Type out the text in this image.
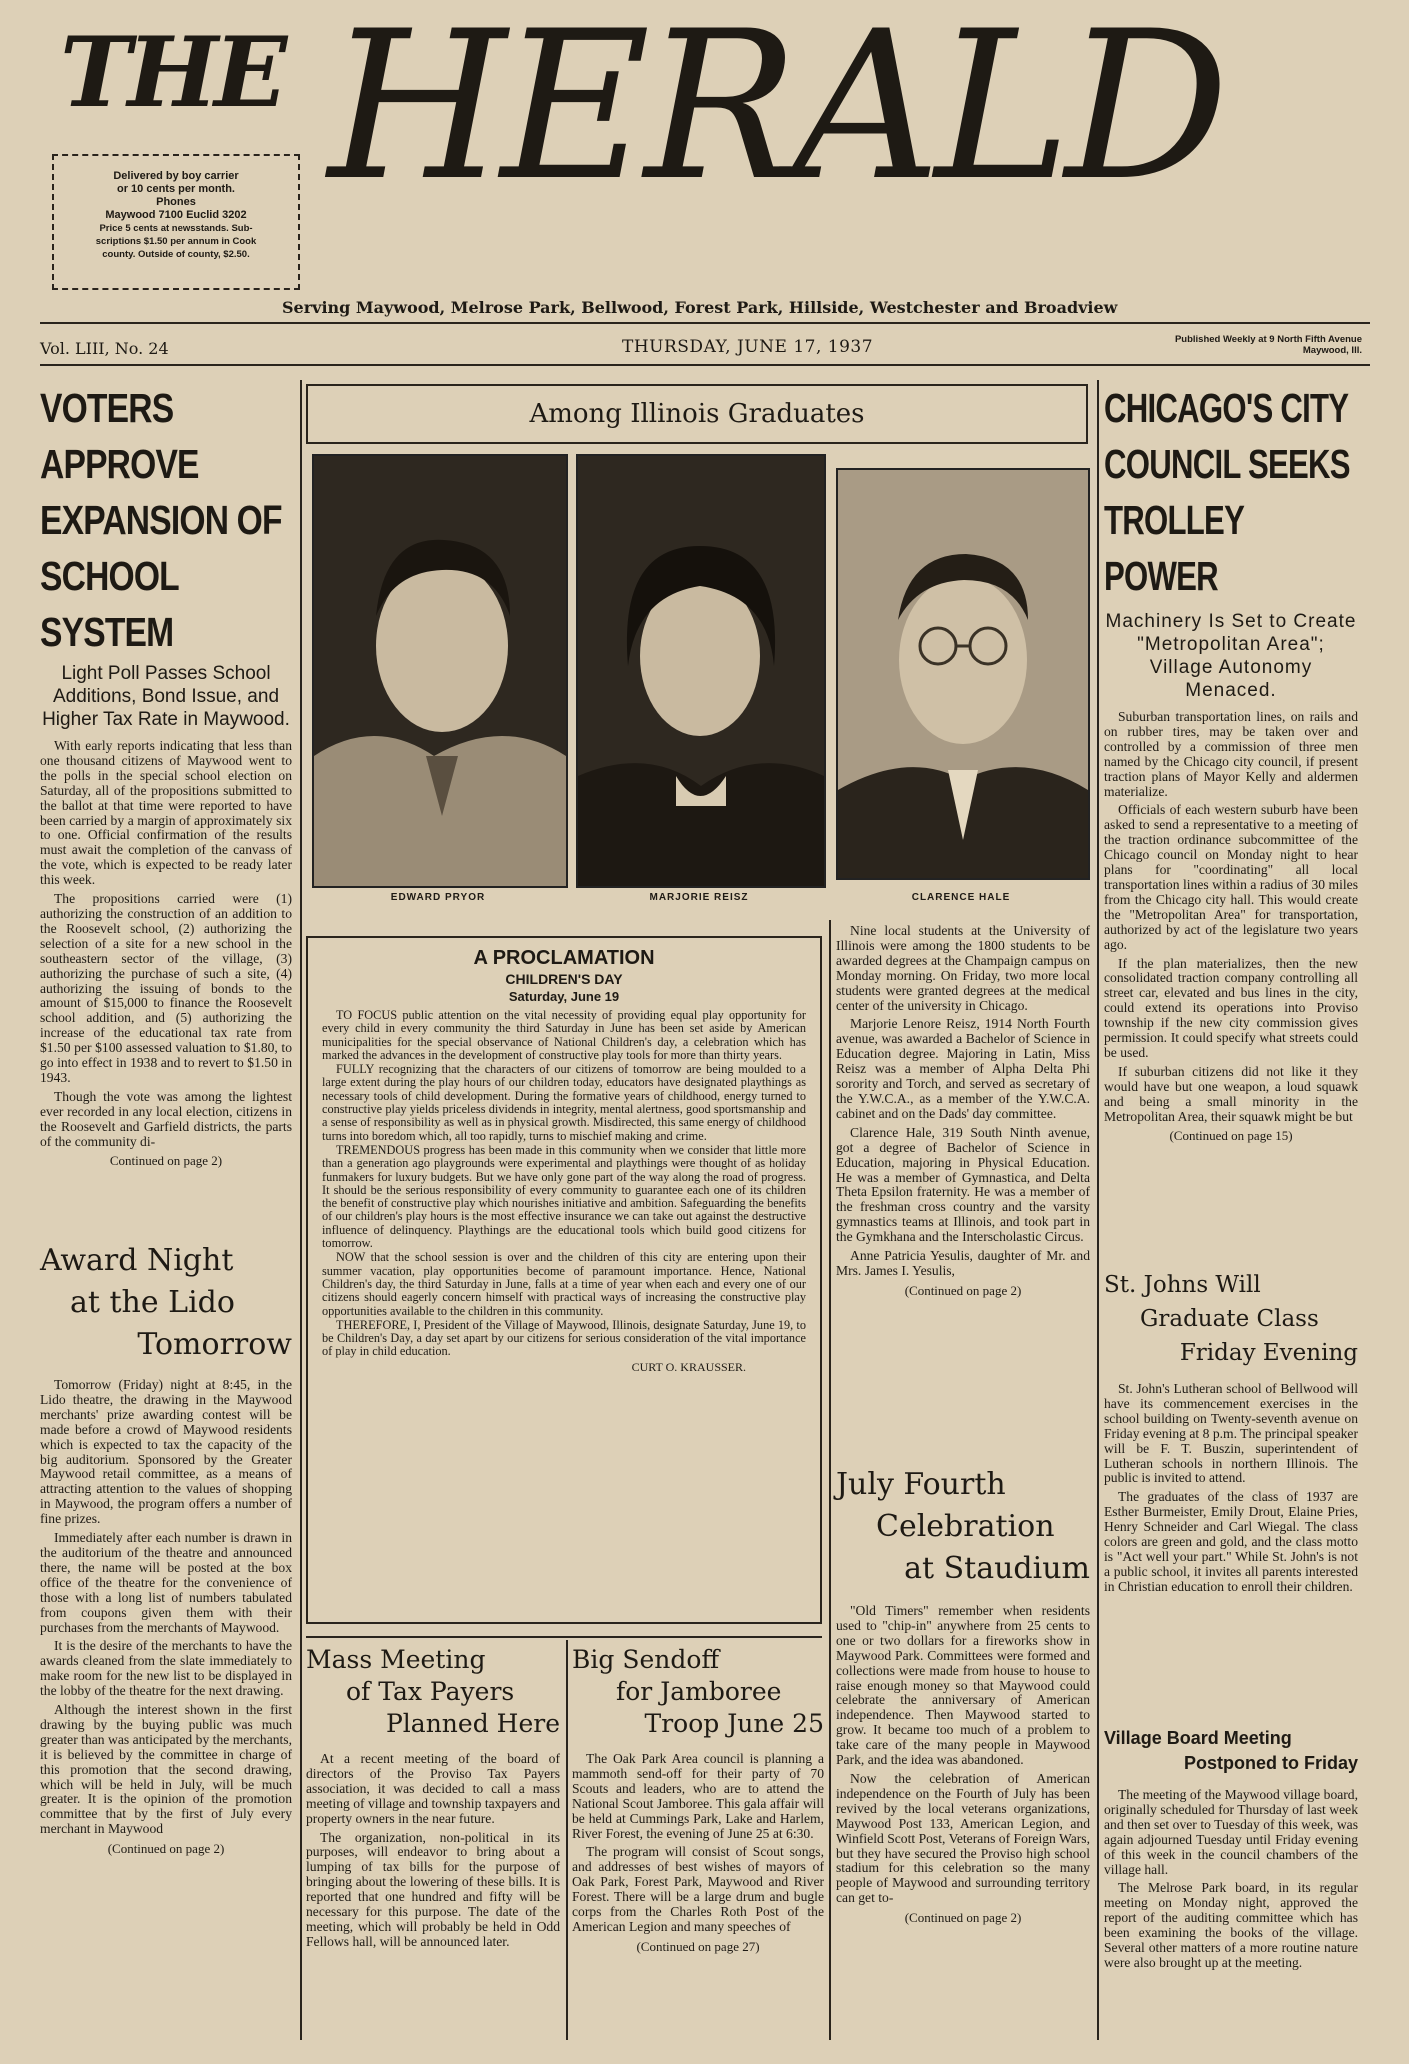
THE HERALD
Delivered by boy carrier
or 10 cents per month.
Phones
Maywood 7100 Euclid 3202
Price 5 cents at newsstands. Sub-
scriptions $1.50 per annum in Cook
county. Outside of county, $2.50.
Serving Maywood, Melrose Park, Bellwood, Forest Park, Hillside, Westchester and Broadview
Vol. LIII, No. 24	THURSDAY, JUNE 17, 1937	Published Weekly at 9 North Fifth Avenue
Maywood, Ill.
VOTERS APPROVE
EXPANSION OF
SCHOOL SYSTEM
Light Poll Passes School Additions, Bond Issue, and Higher Tax Rate in Maywood.

With early reports indicating that less than one thousand citizens of Maywood went to the polls in the special school election on Saturday, all of the propositions submitted to the ballot at that time were reported to have been carried by a margin of approximately six to one. Official confirmation of the results must await the completion of the canvass of the vote, which is expected to be ready later this week.

The propositions carried were (1) authorizing the construction of an addition to the Roosevelt school, (2) authorizing the selection of a site for a new school in the southeastern sector of the village, (3) authorizing the purchase of such a site, (4) authorizing the issuing of bonds to the amount of $15,000 to finance the Roosevelt school addition, and (5) authorizing the increase of the educational tax rate from $1.50 per $100 assessed valuation to $1.80, to go into effect in 1938 and to revert to $1.50 in 1943.

Though the vote was among the lightest ever recorded in any local election, citizens in the Roosevelt and Garfield districts, the parts of the community di-

Continued on page 2)
Award Night
at the Lido
Tomorrow

Tomorrow (Friday) night at 8:45, in the Lido theatre, the drawing in the Maywood merchants' prize awarding contest will be made before a crowd of Maywood residents which is expected to tax the capacity of the big auditorium. Sponsored by the Greater Maywood retail committee, as a means of attracting attention to the values of shopping in Maywood, the program offers a number of fine prizes.

Immediately after each number is drawn in the auditorium of the theatre and announced there, the name will be posted at the box office of the theatre for the convenience of those with a long list of numbers tabulated from coupons given them with their purchases from the merchants of Maywood.

It is the desire of the merchants to have the awards cleaned from the slate immediately to make room for the new list to be displayed in the lobby of the theatre for the next drawing.

Although the interest shown in the first drawing by the buying public was much greater than was anticipated by the merchants, it is believed by the committee in charge of this promotion that the second drawing, which will be held in July, will be much greater. It is the opinion of the promotion committee that by the first of July every merchant in Maywood

(Continued on page 2)
Among Illinois Graduates
EDWARD PRYOR	MARJORIE REISZ	CLARENCE HALE
A PROCLAMATION
CHILDREN'S DAY
Saturday, June 19

TO FOCUS public attention on the vital necessity of providing equal play opportunity for every child in every community the third Saturday in June has been set aside by American municipalities for the special observance of National Children's day, a celebration which has marked the advances in the development of constructive play tools for more than thirty years.

FULLY recognizing that the characters of our citizens of tomorrow are being moulded to a large extent during the play hours of our children today, educators have designated playthings as necessary tools of child development. During the formative years of childhood, energy turned to constructive play yields priceless dividends in integrity, mental alertness, good sportsmanship and a sense of responsibility as well as in physical growth. Misdirected, this same energy of childhood turns into boredom which, all too rapidly, turns to mischief making and crime.

TREMENDOUS progress has been made in this community when we consider that little more than a generation ago playgrounds were experimental and playthings were thought of as holiday funmakers for luxury budgets. But we have only gone part of the way along the road of progress. It should be the serious responsibility of every community to guarantee each one of its children the benefit of constructive play which nourishes initiative and ambition. Safeguarding the benefits of our children's play hours is the most effective insurance we can take out against the destructive influence of delinquency. Playthings are the educational tools which build good citizens for tomorrow.

NOW that the school session is over and the children of this city are entering upon their summer vacation, play opportunities become of paramount importance. Hence, National Children's day, the third Saturday in June, falls at a time of year when each and every one of our citizens should eagerly concern himself with practical ways of increasing the constructive play opportunities available to the children in this community.

THEREFORE, I, President of the Village of Maywood, Illinois, designate Saturday, June 19, to be Children's Day, a day set apart by our citizens for serious consideration of the vital importance of play in child education.

CURT O. KRAUSSER.

Nine local students at the University of Illinois were among the 1800 students to be awarded degrees at the Champaign campus on Monday morning. On Friday, two more local students were granted degrees at the medical center of the university in Chicago.

Marjorie Lenore Reisz, 1914 North Fourth avenue, was awarded a Bachelor of Science in Education degree. Majoring in Latin, Miss Reisz was a member of Alpha Delta Phi sorority and Torch, and served as secretary of the Y.W.C.A., as a member of the Y.W.C.A. cabinet and on the Dads' day committee.

Clarence Hale, 319 South Ninth avenue, got a degree of Bachelor of Science in Education, majoring in Physical Education. He was a member of Gymnastica, and Delta Theta Epsilon fraternity. He was a member of the freshman cross country and the varsity gymnastics teams at Illinois, and took part in the Gymkhana and the Interscholastic Circus.

Anne Patricia Yesulis, daughter of Mr. and Mrs. James I. Yesulis,

(Continued on page 2)
July Fourth
Celebration
at Staudium

"Old Timers" remember when residents used to "chip-in" anywhere from 25 cents to one or two dollars for a fireworks show in Maywood Park. Committees were formed and collections were made from house to house to raise enough money so that Maywood could celebrate the anniversary of American independence. Then Maywood started to grow. It became too much of a problem to take care of the many people in Maywood Park, and the idea was abandoned.

Now the celebration of American independence on the Fourth of July has been revived by the local veterans organizations, Maywood Post 133, American Legion, and Winfield Scott Post, Veterans of Foreign Wars, but they have secured the Proviso high school stadium for this celebration so the many people of Maywood and surrounding territory can get to-

(Continued on page 2)
Mass Meeting
of Tax Payers
Planned Here

At a recent meeting of the board of directors of the Proviso Tax Payers association, it was decided to call a mass meeting of village and township taxpayers and property owners in the near future.

The organization, non-political in its purposes, will endeavor to bring about a lumping of tax bills for the purpose of bringing about the lowering of these bills. It is reported that one hundred and fifty will be necessary for this purpose. The date of the meeting, which will probably be held in Odd Fellows hall, will be announced later.

Big Sendoff
for Jamboree
Troop June 25

The Oak Park Area council is planning a mammoth send-off for their party of 70 Scouts and leaders, who are to attend the National Scout Jamboree. This gala affair will be held at Cummings Park, Lake and Harlem, River Forest, the evening of June 25 at 6:30.

The program will consist of Scout songs, and addresses of best wishes of mayors of Oak Park, Forest Park, Maywood and River Forest. There will be a large drum and bugle corps from the Charles Roth Post of the American Legion and many speeches of

(Continued on page 27)
CHICAGO'S CITY
COUNCIL SEEKS
TROLLEY POWER
Machinery Is Set to Create "Metropolitan Area"; Village Autonomy Menaced.

Suburban transportation lines, on rails and on rubber tires, may be taken over and controlled by a commission of three men named by the Chicago city council, if present traction plans of Mayor Kelly and aldermen materialize.

Officials of each western suburb have been asked to send a representative to a meeting of the traction ordinance subcommittee of the Chicago council on Monday night to hear plans for "coordinating" all local transportation lines within a radius of 30 miles from the Chicago city hall. This would create the "Metropolitan Area" for transportation, authorized by act of the legislature two years ago.

If the plan materializes, then the new consolidated traction company controlling all street car, elevated and bus lines in the city, could extend its operations into Proviso township if the new city commission gives permission. It could specify what streets could be used.

If suburban citizens did not like it they would have but one weapon, a loud squawk and being a small minority in the Metropolitan Area, their squawk might be but

(Continued on page 15)
St. Johns Will
Graduate Class
Friday Evening

St. John's Lutheran school of Bellwood will have its commencement exercises in the school building on Twenty-seventh avenue on Friday evening at 8 p.m. The principal speaker will be F. T. Buszin, superintendent of Lutheran schools in northern Illinois. The public is invited to attend.

The graduates of the class of 1937 are Esther Burmeister, Emily Drout, Elaine Pries, Henry Schneider and Carl Wiegal. The class colors are green and gold, and the class motto is "Act well your part." While St. John's is not a public school, it invites all parents interested in Christian education to enroll their children.

Village Board Meeting
Postponed to Friday

The meeting of the Maywood village board, originally scheduled for Thursday of last week and then set over to Tuesday of this week, was again adjourned Tuesday until Friday evening of this week in the council chambers of the village hall.

The Melrose Park board, in its regular meeting on Monday night, approved the report of the auditing committee which has been examining the books of the village. Several other matters of a more routine nature were also brought up at the meeting.
